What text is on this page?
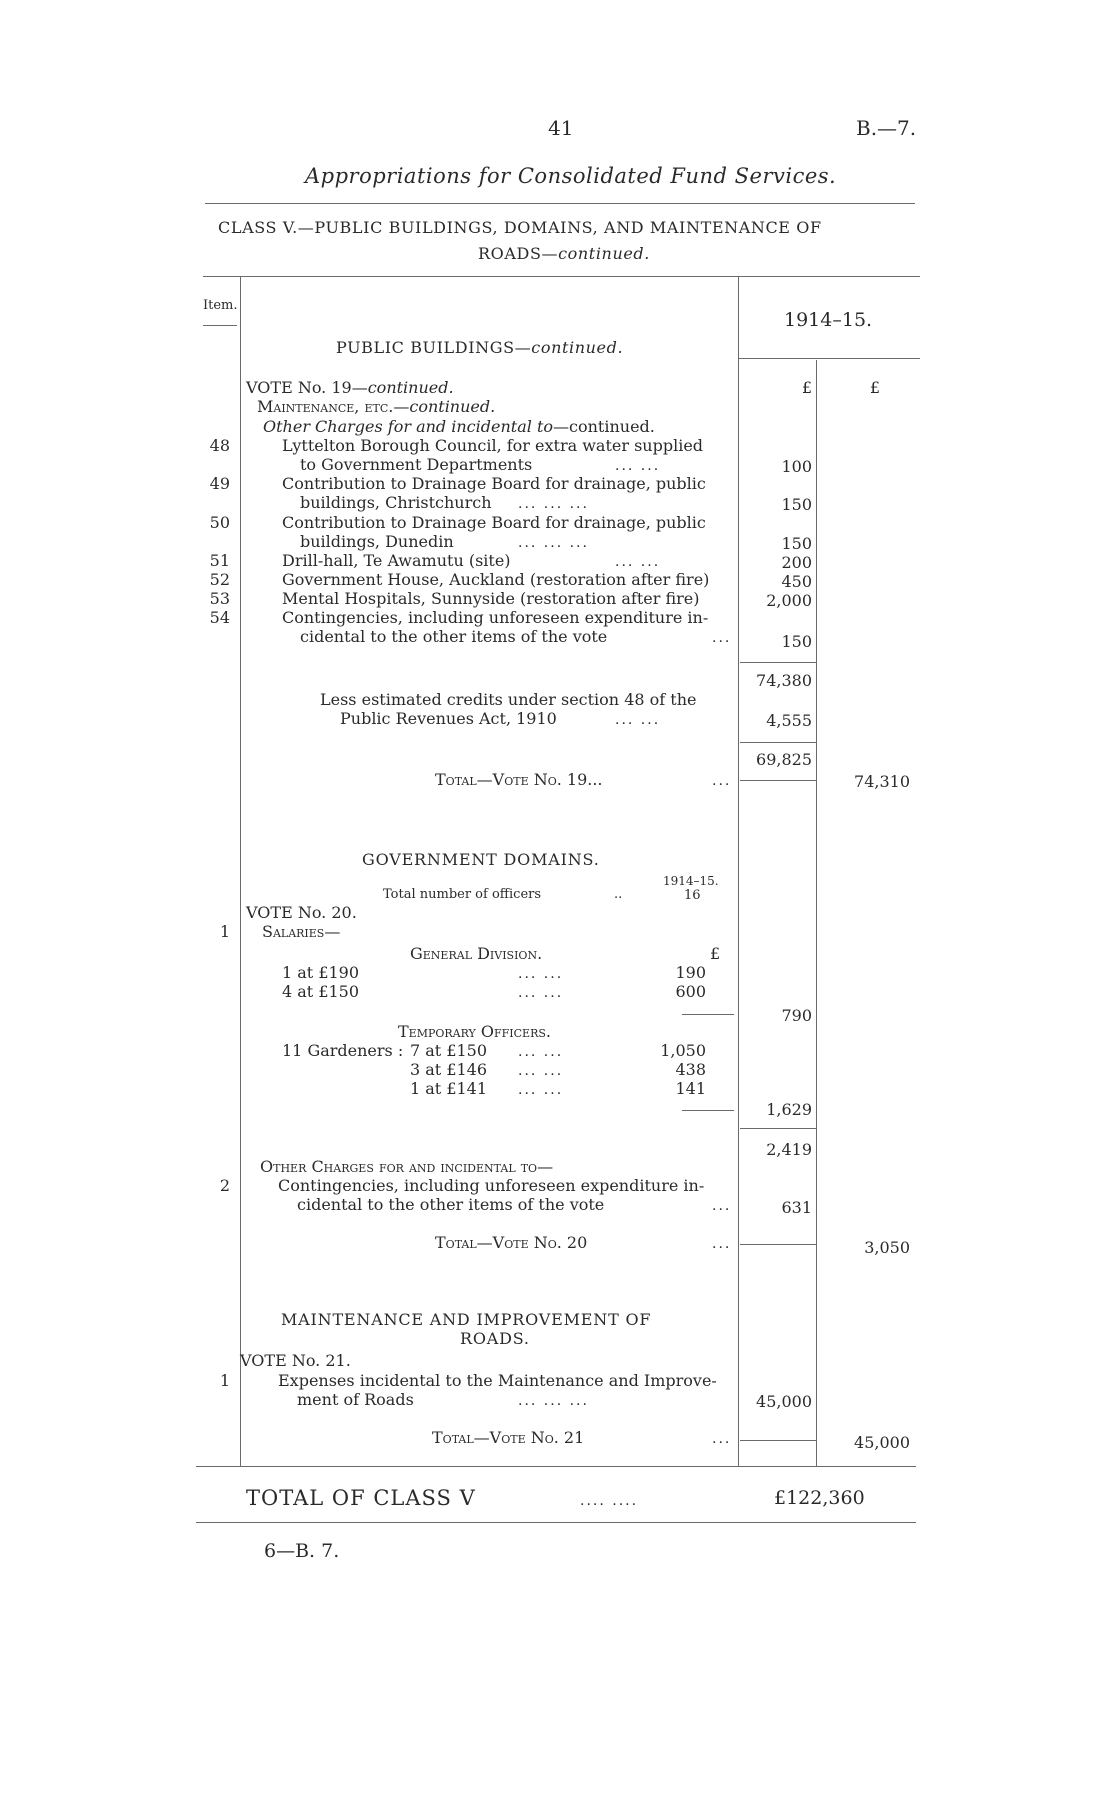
41	B.—7.
Appropriations for Consolidated Fund Services.
CLASS V.—PUBLIC BUILDINGS, DOMAINS, AND MAINTENANCE OF
ROADS—continued.
Item.
1914–15.
£	£
PUBLIC BUILDINGS—continued.
VOTE No. 19—continued.
Maintenance, etc.—continued.
Other Charges for and incidental to—continued.
48	Lyttelton Borough Council, for extra water supplied
to Government Departments	... ...	100
49	Contribution to Drainage Board for drainage, public
buildings, Christchurch ... ... ...	150
50	Contribution to Drainage Board for drainage, public
buildings, Dunedin	... ... ...	150
51	Drill-hall, Te Awamutu (site)	... ...	200
52	Government House, Auckland (restoration after fire)	450
53	Mental Hospitals, Sunnyside (restoration after fire)	2,000
54	Contingencies, including unforeseen expenditure in-
cidental to the other items of the vote	...	150
74,380
Less estimated credits under section 48 of the
Public Revenues Act, 1910	... ...	4,555
69,825
Total—Vote No. 19...	...	74,310
GOVERNMENT DOMAINS.
1914–15.
Total number of officers	..	16
VOTE No. 20.
1 Salaries—
General Division.	£
1 at £190	... ...	190
4 at £150	... ...	600
790
Temporary Officers.
11 Gardeners : 7 at £150 ... ...	1,050
3 at £146 ... ...	438
1 at £141 ... ...	141
1,629
2,419
Other Charges for and incidental to—
2	Contingencies, including unforeseen expenditure in-
cidental to the other items of the vote	...	631
Total—Vote No. 20	...	3,050
MAINTENANCE AND IMPROVEMENT OF
ROADS.
VOTE No. 21.
1	Expenses incidental to the Maintenance and Improve-
ment of Roads	... ... ...	45,000
Total—Vote No. 21	...	45,000
TOTAL OF CLASS V	.... ....	£122,360
6—B. 7.
